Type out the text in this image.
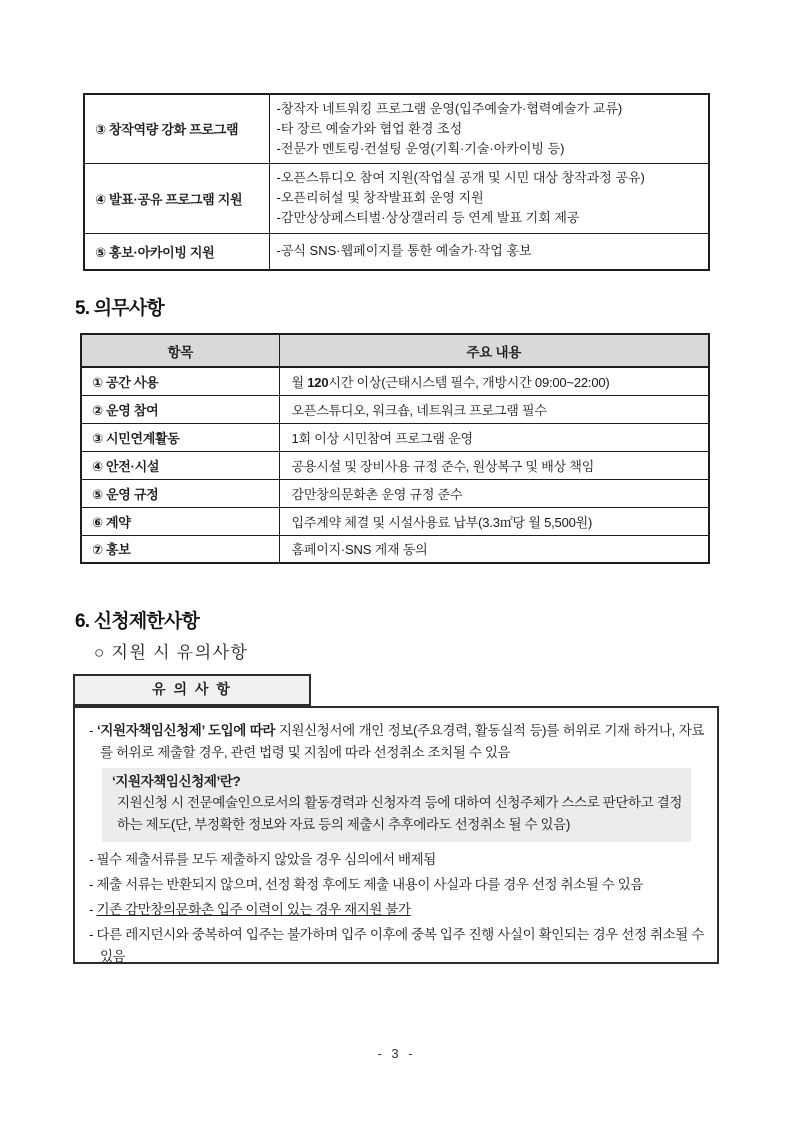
③ 창작역량 강화 프로그램	-창작자 네트워킹 프로그램 운영(입주예술가·협력예술가 교류)
-타 장르 예술가와 협업 환경 조성
-전문가 멘토링·컨설팅 운영(기획·기술·아카이빙 등)

④ 발표·공유 프로그램 지원	-오픈스튜디오 참여 지원(작업실 공개 및 시민 대상 창작과정 공유)
-오픈리허설 및 창작발표회 운영 지원
-감만상상페스티벌·상상갤러리 등 연계 발표 기회 제공

⑤ 홍보·아카이빙 지원	-공식 SNS·웹페이지를 통한 예술가·작업 홍보
5. 의무사항
항목	주요 내용
① 공간 사용	월 120시간 이상(근태시스템 필수, 개방시간 09:00~22:00)
② 운영 참여	오픈스튜디오, 워크숍, 네트워크 프로그램 필수
③ 시민연계활동	1회 이상 시민참여 프로그램 운영
④ 안전·시설	공용시설 및 장비사용 규정 준수, 원상복구 및 배상 책임
⑤ 운영 규정	감만창의문화촌 운영 규정 준수
⑥ 계약	입주계약 체결 및 시설사용료 납부(3.3㎡당 월 5,500원)
⑦ 홍보	홈페이지·SNS 게재 동의
6. 신청제한사항
○ 지원 시 유의사항
유 의 사 항

- ‘지원자책임신청제’ 도입에 따라 지원신청서에 개인 정보(주요경력, 활동실적 등)를 허위로 기재 하거나, 자료를 허위로 제출할 경우, 관련 법령 및 지침에 따라 선정취소 조치될 수 있음

‘지원자책임신청제’란?
지원신청 시 전문예술인으로서의 활동경력과 신청자격 등에 대하여 신청주체가 스스로 판단하고 결정하는 제도(단, 부정확한 정보와 자료 등의 제출시 추후에라도 선정취소 될 수 있음)

- 필수 제출서류를 모두 제출하지 않았을 경우 심의에서 배제됨

- 제출 서류는 반환되지 않으며, 선정 확정 후에도 제출 내용이 사실과 다를 경우 선정 취소될 수 있음

- 기존 감만창의문화촌 입주 이력이 있는 경우 재지원 불가

- 다른 레지던시와 중복하여 입주는 불가하며 입주 이후에 중복 입주 진행 사실이 확인되는 경우 선정 취소될 수 있음

- 3 -
